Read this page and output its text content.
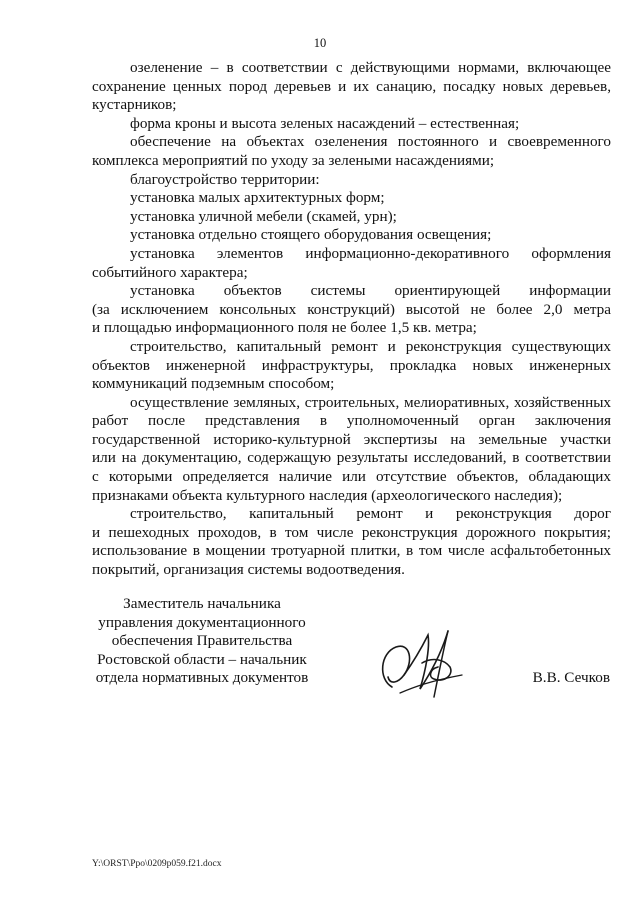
10
озеленение – в соответствии с действующими нормами, включающее
сохранение ценных пород деревьев и их санацию, посадку новых деревьев,
кустарников;
форма кроны и высота зеленых насаждений – естественная;
обеспечение на объектах озеленения постоянного и своевременного
комплекса мероприятий по уходу за зелеными насаждениями;
благоустройство территории:
установка малых архитектурных форм;
установка уличной мебели (скамей, урн);
установка отдельно стоящего оборудования освещения;
установка элементов информационно-декоративного оформления
событийного характера;
установка объектов системы ориентирующей информации
(за исключением консольных конструкций) высотой не более 2,0 метра
и площадью информационного поля не более 1,5 кв. метра;
строительство, капитальный ремонт и реконструкция существующих
объектов инженерной инфраструктуры, прокладка новых инженерных
коммуникаций подземным способом;
осуществление земляных, строительных, мелиоративных, хозяйственных
работ после представления в уполномоченный орган заключения
государственной историко-культурной экспертизы на земельные участки
или на документацию, содержащую результаты исследований, в соответствии
с которыми определяется наличие или отсутствие объектов, обладающих
признаками объекта культурного наследия (археологического наследия);
строительство, капитальный ремонт и реконструкция дорог
и пешеходных проходов, в том числе реконструкция дорожного покрытия;
использование в мощении тротуарной плитки, в том числе асфальтобетонных
покрытий, организация системы водоотведения.
Заместитель начальника
управления документационного
обеспечения Правительства
Ростовской области – начальник
отдела нормативных документов	В.В. Сечков
Y:\ORST\Ppo\0209p059.f21.docx
